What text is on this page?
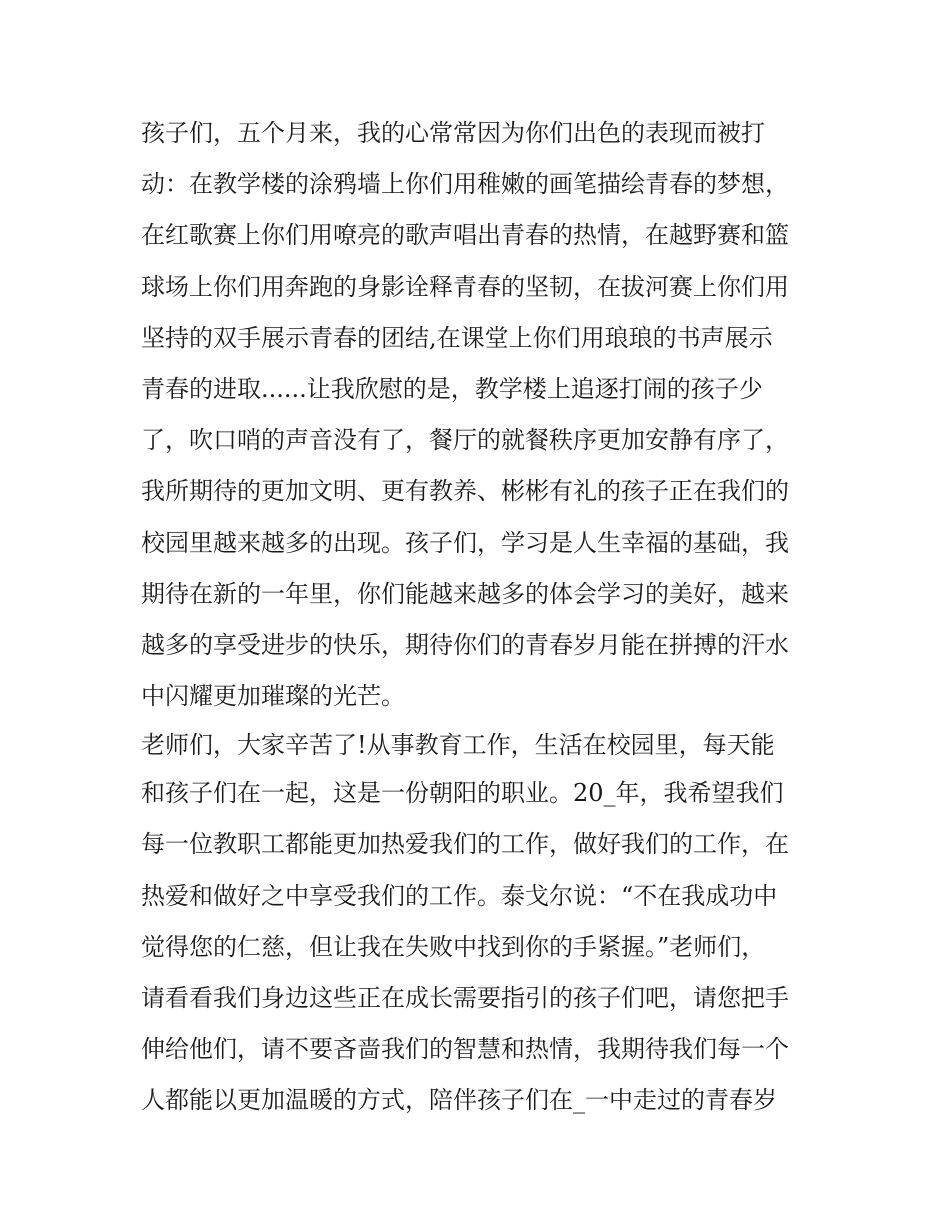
孩子们，五个月来，我的心常常因为你们出色的表现而被打
动：在教学楼的涂鸦墙上你们用稚嫩的画笔描绘青春的梦想，
在红歌赛上你们用嘹亮的歌声唱出青春的热情，在越野赛和篮
球场上你们用奔跑的身影诠释青春的坚韧，在拔河赛上你们用
坚持的双手展示青春的团结,在课堂上你们用琅琅的书声展示
青春的进取......让我欣慰的是，教学楼上追逐打闹的孩子少
了，吹口哨的声音没有了，餐厅的就餐秩序更加安静有序了，
我所期待的更加文明、更有教养、彬彬有礼的孩子正在我们的
校园里越来越多的出现。孩子们，学习是人生幸福的基础，我
期待在新的一年里，你们能越来越多的体会学习的美好，越来
越多的享受进步的快乐，期待你们的青春岁月能在拼搏的汗水
中闪耀更加璀璨的光芒。
老师们，大家辛苦了!从事教育工作，生活在校园里，每天能
和孩子们在一起，这是一份朝阳的职业。20_年，我希望我们
每一位教职工都能更加热爱我们的工作，做好我们的工作，在
热爱和做好之中享受我们的工作。泰戈尔说：“不在我成功中
觉得您的仁慈，但让我在失败中找到你的手紧握。”老师们，
请看看我们身边这些正在成长需要指引的孩子们吧，请您把手
伸给他们，请不要吝啬我们的智慧和热情，我期待我们每一个
人都能以更加温暖的方式，陪伴孩子们在_一中走过的青春岁
